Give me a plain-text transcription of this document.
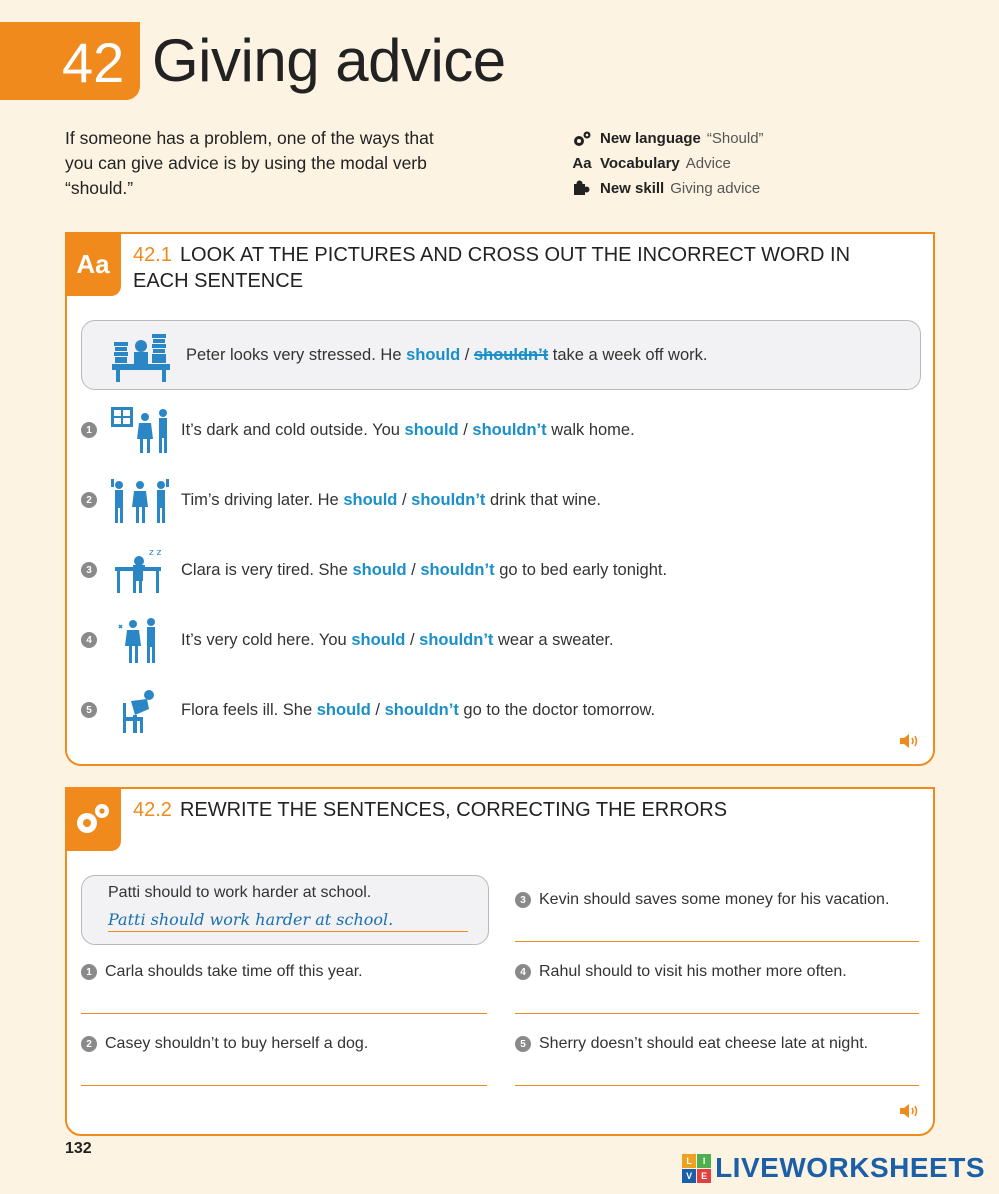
42 Giving advice
If someone has a problem, one of the ways that you can give advice is by using the modal verb “should.”
New language “Should”
Aa Vocabulary Advice
New skill Giving advice
Aa	42.1 LOOK AT THE PICTURES AND CROSS OUT THE INCORRECT WORD IN EACH SENTENCE
Peter looks very stressed. He should / shouldn’t take a week off work.
1	It’s dark and cold outside. You should / shouldn’t walk home.
2	Tim’s driving later. He should / shouldn’t drink that wine.
3
z z
Clara is very tired. She should / shouldn’t go to bed early tonight.
4	It’s very cold here. You should / shouldn’t wear a sweater.
5	Flora feels ill. She should / shouldn’t go to the doctor tomorrow.
42.2 REWRITE THE SENTENCES, CORRECTING THE ERRORS
Patti should to work harder at school.
Patti should work harder at school.
1 Carla shoulds take time off this year.
2 Casey shouldn’t to buy herself a dog.
3 Kevin should saves some money for his vacation.
4 Rahul should to visit his mother more often.
5 Sherry doesn’t should eat cheese late at night.
132
L	I
V E LIVEWORKSHEETS
